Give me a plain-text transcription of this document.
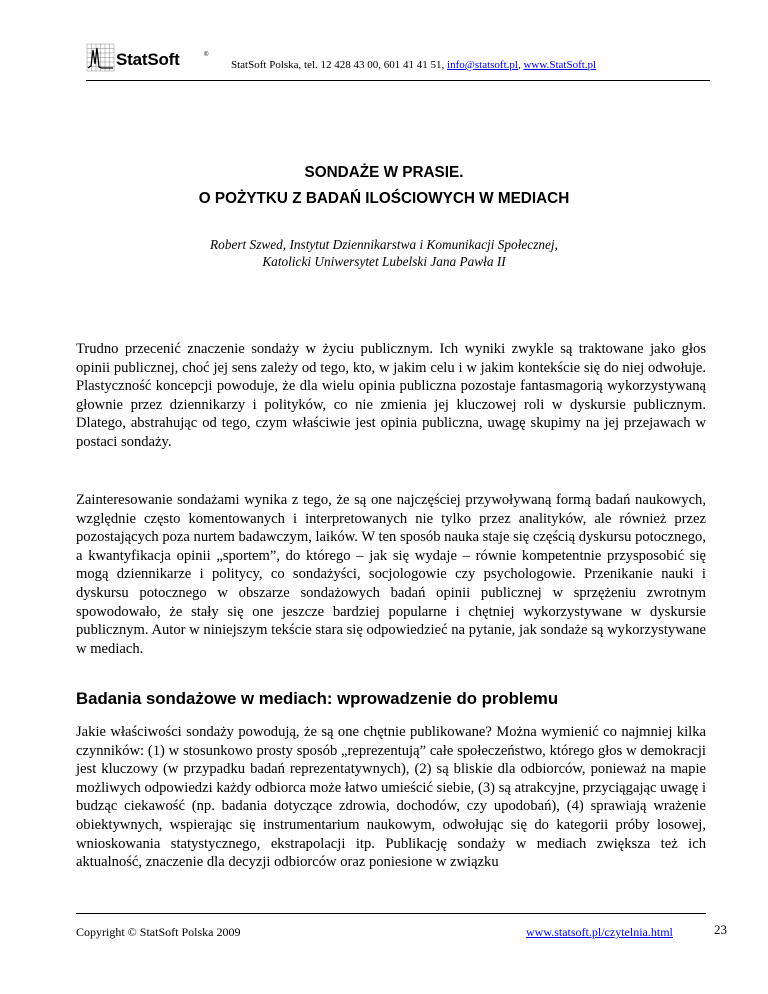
StatSoft	®
StatSoft Polska, tel. 12 428 43 00, 601 41 41 51, info@statsoft.pl, www.StatSoft.pl
SONDAŻE W PRASIE.
O POŻYTKU Z BADAŃ ILOŚCIOWYCH W MEDIACH
Robert Szwed, Instytut Dziennikarstwa i Komunikacji Społecznej,
Katolicki Uniwersytet Lubelski Jana Pawła II

Trudno przecenić znaczenie sondaży w życiu publicznym. Ich wyniki zwykle są traktowane jako głos opinii publicznej, choć jej sens zależy od tego, kto, w jakim celu i w jakim kontekście się do niej odwołuje. Plastyczność koncepcji powoduje, że dla wielu opinia publiczna pozostaje fantasmagorią wykorzystywaną głownie przez dziennikarzy i polityków, co nie zmienia jej kluczowej roli w dyskursie publicznym. Dlatego, abstrahując od tego, czym właściwie jest opinia publiczna, uwagę skupimy na jej przejawach w postaci sondaży.

Zainteresowanie sondażami wynika z tego, że są one najczęściej przywoływaną formą badań naukowych, względnie często komentowanych i interpretowanych nie tylko przez analityków, ale również przez pozostających poza nurtem badawczym, laików. W ten sposób nauka staje się częścią dyskursu potocznego, a kwantyfikacja opinii „sportem”, do którego – jak się wydaje – równie kompetentnie przysposobić się mogą dziennikarze i politycy, co sondażyści, socjologowie czy psychologowie. Przenikanie nauki i dyskursu potocznego w obszarze sondażowych badań opinii publicznej w sprzężeniu zwrotnym spowodowało, że stały się one jeszcze bardziej popularne i chętniej wykorzystywane w dyskursie publicznym. Autor w niniejszym tekście stara się odpowiedzieć na pytanie, jak sondaże są wykorzystywane w mediach.

Badania sondażowe w mediach: wprowadzenie do problemu

Jakie właściwości sondaży powodują, że są one chętnie publikowane? Można wymienić co najmniej kilka czynników: (1) w stosunkowo prosty sposób „reprezentują” całe społeczeństwo, którego głos w demokracji jest kluczowy (w przypadku badań reprezentatywnych), (2) są bliskie dla odbiorców, ponieważ na mapie możliwych odpowiedzi każdy odbiorca może łatwo umieścić siebie, (3) są atrakcyjne, przyciągając uwagę i budząc ciekawość (np. badania dotyczące zdrowia, dochodów, czy upodobań), (4) sprawiają wrażenie obiektywnych, wspierając się instrumentarium naukowym, odwołując się do kategorii próby losowej, wnioskowania statystycznego, ekstrapolacji itp. Publikację sondaży w mediach zwiększa też ich aktualność, znaczenie dla decyzji odbiorców oraz poniesione w związku

Copyright © StatSoft Polska 2009	www.statsoft.pl/czytelnia.html	23
